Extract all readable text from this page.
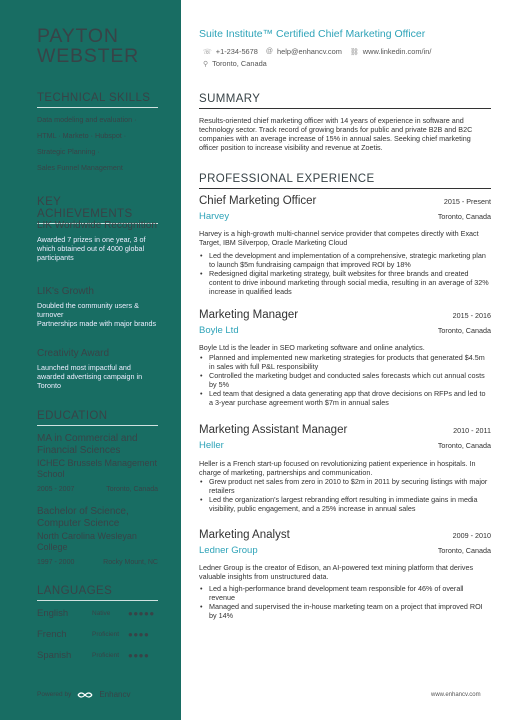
PAYTON
WEBSTER
TECHNICAL SKILLS
Data modeling and evaluation ·
HTML · Marketo · Hubspot ·
Strategic Planning ·
Sales Funnel Management
KEY ACHIEVEMENTS
LIK Worldwide Recognition
Awarded 7 prizes in one year, 3 of which obtained out of 4000 global participants
LIK's Growth
Doubled the community users & turnover
Partnerships made with major brands
Creativity Award
Launched most impactful and awarded advertising campaign in Toronto
EDUCATION
MA in Commercial and Financial Sciences
ICHEC Brussels Management School
2005 - 2007	Toronto, Canada
Bachelor of Science, Computer Science
North Carolina Wesleyan College
1997 - 2000	Rocky Mount, NC
LANGUAGES
English	Native	●●●●●
French	Proficient	●●●●
Spanish	Proficient	●●●●
Powered by	Enhancv
Suite Institute™ Certified Chief Marketing Officer
☏ +1-234-5678 @ help@enhancv.com ⛓ www.linkedin.com/in/
⚲ Toronto, Canada
SUMMARY
Results-oriented chief marketing officer with 14 years of experience in software and technology sector. Track record of growing brands for public and private B2B and B2C companies with an average increase of 15% in annual sales. Seeking chief marketing officer position to increase visibility and revenue at Zoetis.
PROFESSIONAL EXPERIENCE
Chief Marketing Officer	2015 - Present
Harvey	Toronto, Canada
Harvey is a high-growth multi-channel service provider that competes directly with Exact Target, IBM Silverpop, Oracle Marketing Cloud
• Led the development and implementation of a comprehensive, strategic marketing plan to launch $5m fundraising campaign that improved ROI by 18%
• Redesigned digital marketing strategy, built websites for three brands and created content to drive inbound marketing through social media, resulting in an average of 32% increase in qualified leads
Marketing Manager	2015 - 2016
Boyle Ltd	Toronto, Canada
Boyle Ltd is the leader in SEO marketing software and online analytics.
• Planned and implemented new marketing strategies for products that generated $4.5m in sales with full P&L responsibility
• Controlled the marketing budget and conducted sales forecasts which cut annual costs by 5%
• Led team that designed a data generating app that drove decisions on RFPs and led to a 3-year purchase agreement worth $7m in annual sales
Marketing Assistant Manager	2010 - 2011
Heller	Toronto, Canada
Heller is a French start-up focused on revolutionizing patient experience in hospitals. In charge of marketing, partnerships and communication.
• Grew product net sales from zero in 2010 to $2m in 2011 by securing listings with major retailers
• Led the organization's largest rebranding effort resulting in immediate gains in media visibility, public engagement, and a 25% increase in annual sales
Marketing Analyst	2009 - 2010
Ledner Group	Toronto, Canada
Ledner Group is the creator of Edison, an AI-powered text mining platform that derives valuable insights from unstructured data.
• Led a high-performance brand development team responsible for 46% of overall revenue
• Managed and supervised the in-house marketing team on a project that improved ROI by 14%
www.enhancv.com
